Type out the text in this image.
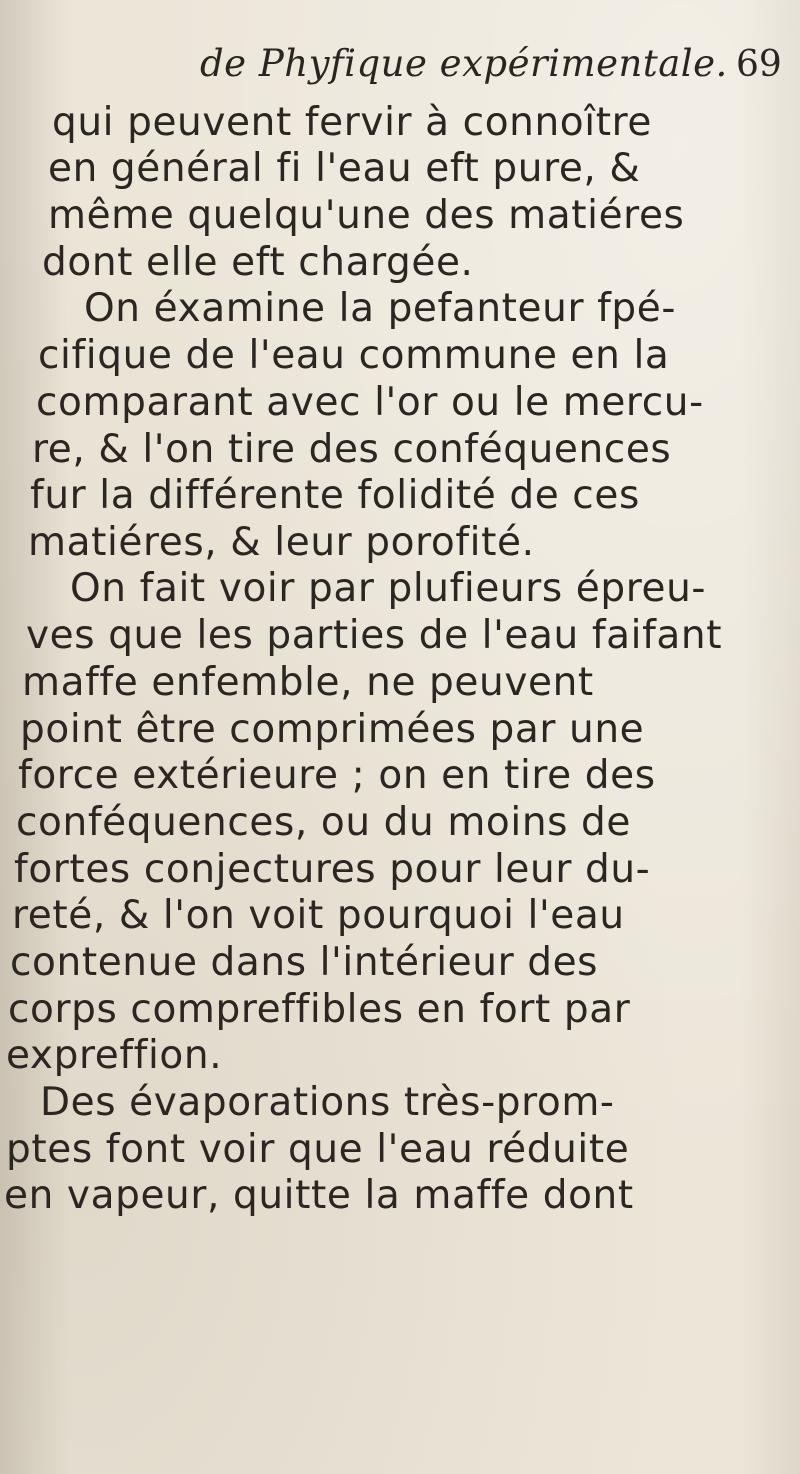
de Phyfique expérimentale. 69
qui peuvent fervir à connoître
en général fi l'eau eft pure, &
même quelqu'une des matiéres
dont elle eft chargée.
On éxamine la pefanteur fpé-
cifique de l'eau commune en la
comparant avec l'or ou le mercu-
re, & l'on tire des conféquences
fur la différente folidité de ces
matiéres, & leur porofité.
On fait voir par plufieurs épreu-
ves que les parties de l'eau faifant
maffe enfemble, ne peuvent
point être comprimées par une
force extérieure ; on en tire des
conféquences, ou du moins de
fortes conjectures pour leur du-
reté, & l'on voit pourquoi l'eau
contenue dans l'intérieur des
corps compreffibles en fort par
expreffion.
Des évaporations très-prom-
ptes font voir que l'eau réduite
en vapeur, quitte la maffe dont
